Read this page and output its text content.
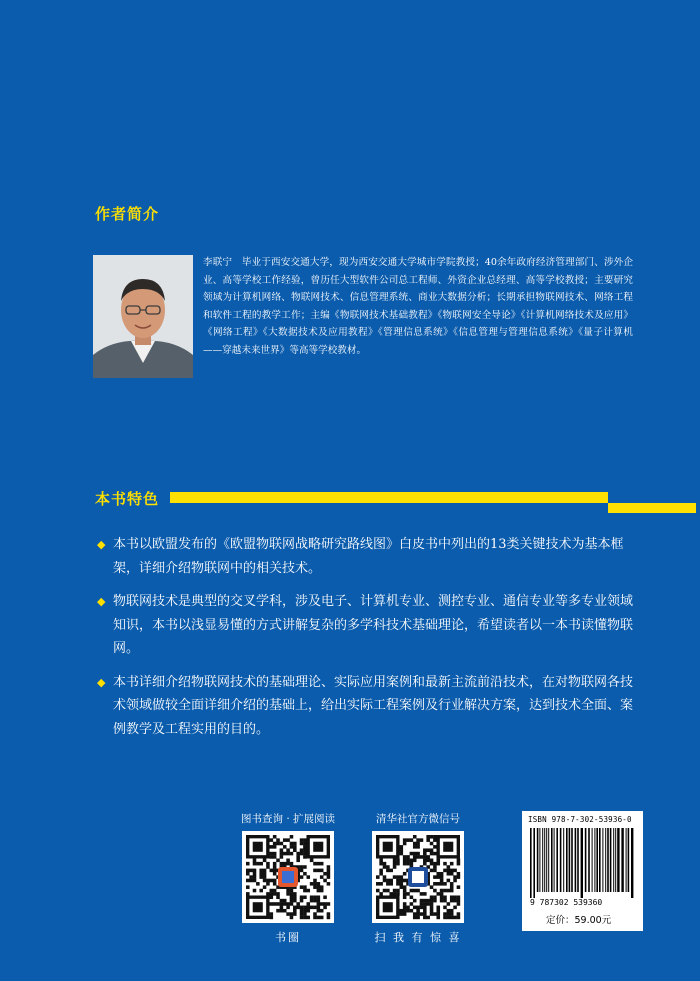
作者简介
李联宁　毕业于西安交通大学，现为西安交通大学城市学院教授；40余年政府经济管理部门、涉外企业、高等学校工作经验，曾历任大型软件公司总工程师、外资企业总经理、高等学校教授；主要研究领域为计算机网络、物联网技术、信息管理系统、商业大数据分析；长期承担物联网技术、网络工程和软件工程的教学工作；主编《物联网技术基础教程》《物联网安全导论》《计算机网络技术及应用》《网络工程》《大数据技术及应用教程》《管理信息系统》《信息管理与管理信息系统》《量子计算机——穿越未来世界》等高等学校教材。
本书特色
◆ 本书以欧盟发布的《欧盟物联网战略研究路线图》白皮书中列出的13类关键技术为基本框架，详细介绍物联网中的相关技术。
◆ 物联网技术是典型的交叉学科，涉及电子、计算机专业、测控专业、通信专业等多专业领域知识，本书以浅显易懂的方式讲解复杂的多学科技术基础理论，希望读者以一本书读懂物联网。
◆ 本书详细介绍物联网技术的基础理论、实际应用案例和最新主流前沿技术，在对物联网各技术领域做较全面详细介绍的基础上，给出实际工程案例及行业解决方案，达到技术全面、案例教学及工程实用的目的。
图书查询 · 扩展阅读
书圈
清华社官方微信号
扫 我 有 惊 喜
ISBN 978-7-302-53936-0
9 787302 539360
定价：59.00元
